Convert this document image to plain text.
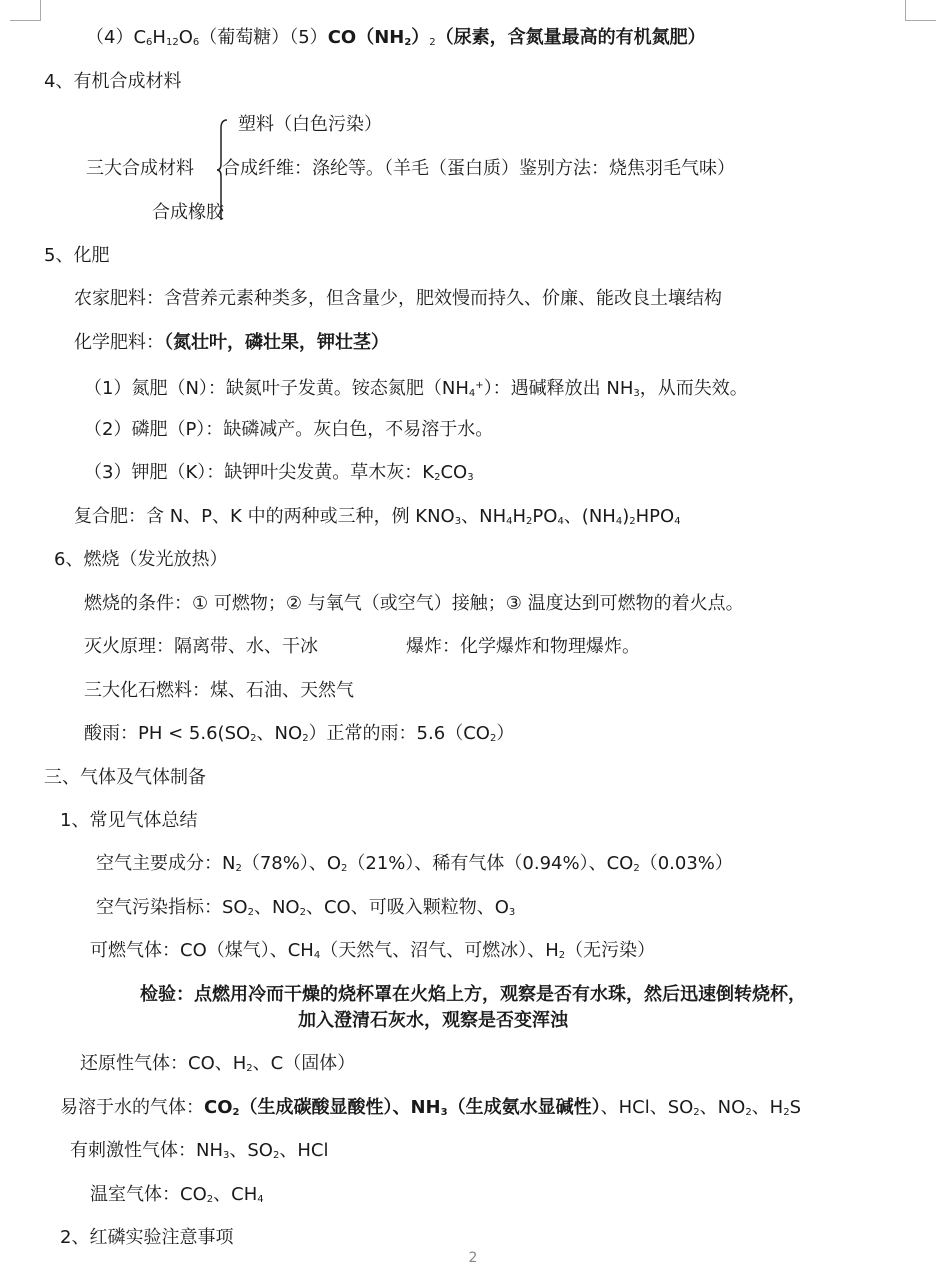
$(4)C_6H_{12}O_6$（葡萄糖）$(5)CO(NH_2)_2$（尿素，含氮量最高的有机氮肥）
4、有机合成材料
塑料（白色污染）
三大合成材料 合成纤维：涤纶等。（羊毛（蛋白质）鉴别方法：烧焦羽毛气味）
合成橡胶
5、化肥
农家肥料：含营养元素种类多，但含量少，肥效慢而持久、价廉、能改良土壤结构
化学肥料：（氮壮叶，磷壮果，钾壮茎）
（1）氮肥（N）：缺氮叶子发黄。铵态氮肥$(NH_4^+)$：遇碱释放出 $NH_3$，从而失效。
（2）磷肥（P）：缺磷减产。灰白色，不易溶于水。
（3）钾肥（K）：缺钾叶尖发黄。草木灰：$K_2CO_3$
复合肥：含 N、P、K 中的两种或三种，例 $KNO_3$、$NH_4H_2PO_4$、$(NH_4)_2HPO_4$
6、燃烧（发光放热）
燃烧的条件：① 可燃物；② 与氧气（或空气）接触；③ 温度达到可燃物的着火点。
灭火原理：隔离带、水、干冰	爆炸：化学爆炸和物理爆炸。
三大化石燃料：煤、石油、天然气
酸雨：PH < $5.6(SO_2$、$NO_2$）正常的雨：$5.6(CO_2)$
三、气体及气体制备
1、常见气体总结
空气主要成分：$N_2(78\%)$、$O_2(21\%)$、稀有气体（0.94%）、$CO_2(0.03\%)$
空气污染指标：$SO_2$、$NO_2$、CO、可吸入颗粒物、$O_3$
可燃气体：CO（煤气）、$CH_4$（天然气、沼气、可燃冰）、$H_2$（无污染）
检验：点燃用冷而干燥的烧杯罩在火焰上方，观察是否有水珠，然后迅速倒转烧杯，
加入澄清石灰水，观察是否变浑浊
还原性气体：CO、$H_2$、C（固体）
易溶于水的气体：$CO_2$（生成碳酸显酸性）、$NH_3$（生成氨水显碱性）、HCl、$SO_2$、$NO_2$、$H_2S$
有刺激性气体：$NH_3$、$SO_2$、HCl
温室气体：$CO_2$、$CH_4$
2、红磷实验注意事项
2
